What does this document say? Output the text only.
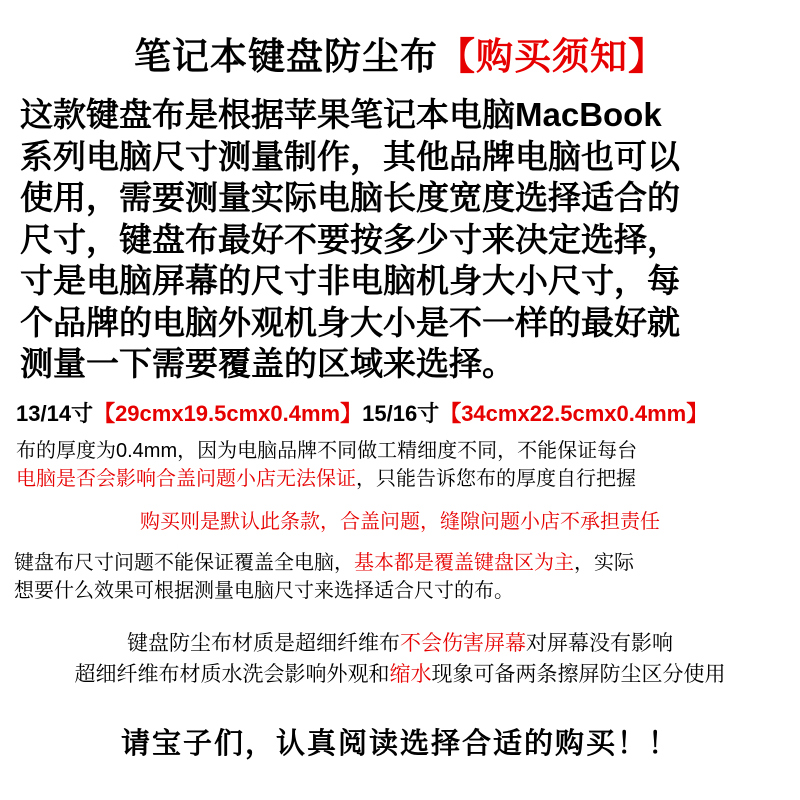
笔记本键盘防尘布【购买须知】
这款键盘布是根据苹果笔记本电脑MacBook
系列电脑尺寸测量制作，其他品牌电脑也可以
使用，需要测量实际电脑长度宽度选择适合的
尺寸，键盘布最好不要按多少寸来决定选择，
寸是电脑屏幕的尺寸非电脑机身大小尺寸，每
个品牌的电脑外观机身大小是不一样的最好就
测量一下需要覆盖的区域来选择。
13/14寸【29cmx19.5cmx0.4mm】15/16寸【34cmx22.5cmx0.4mm】
布的厚度为0.4mm，因为电脑品牌不同做工精细度不同，不能保证每台
电脑是否会影响合盖问题小店无法保证，只能告诉您布的厚度自行把握
购买则是默认此条款，合盖问题，缝隙问题小店不承担责任
键盘布尺寸问题不能保证覆盖全电脑，基本都是覆盖键盘区为主，实际
想要什么效果可根据测量电脑尺寸来选择适合尺寸的布。
键盘防尘布材质是超细纤维布不会伤害屏幕对屏幕没有影响
超细纤维布材质水洗会影响外观和缩水现象可备两条擦屏防尘区分使用
请宝子们，认真阅读选择合适的购买！！
